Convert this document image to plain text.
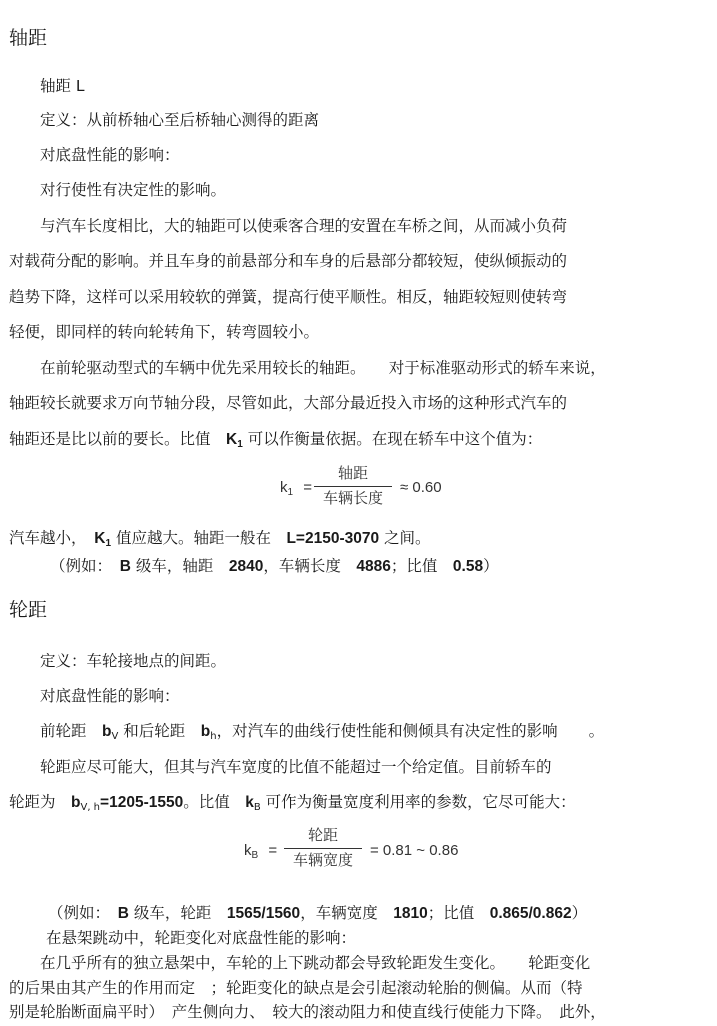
轴距
轴距 L
定义：从前桥轴心至后桥轴心测得的距离
对底盘性能的影响：
对行使性有决定性的影响。
与汽车长度相比，大的轴距可以使乘客合理的安置在车桥之间，从而减小负荷
对载荷分配的影响。并且车身的前悬部分和车身的后悬部分都较短，使纵倾振动的
趋势下降，这样可以采用较软的弹簧，提高行使平顺性。相反，轴距较短则使转弯
轻便，即同样的转向轮转角下，转弯圆较小。
在前轮驱动型式的车辆中优先采用较长的轴距。　　对于标准驱动形式的轿车来说，
轴距较长就要求万向节轴分段，尽管如此，大部分最近投入市场的这种形式汽车的
轴距还是比以前的要长。比值　$K_1$ 可以作衡量依据。在现在轿车中这个值为：
$k_1$ =
轴距
车辆长度
≈ 0.60
汽车越小，　$K_1$ 值应越大。轴距一般在　L=2150-3070 之间。
（例如：　B 级车，轴距　2840，车辆长度　4886；比值　0.58）
轮距
定义：车轮接地点的间距。
对底盘性能的影响：
前轮距　$b_V$ 和后轮距　$b_h$，对汽车的曲线行使性能和侧倾具有决定性的影响　　。
轮距应尽可能大，但其与汽车宽度的比值不能超过一个给定值。目前轿车的
轮距为　$b_{V, h}=1205-1550$。比值　$k_B$ 可作为衡量宽度利用率的参数，它尽可能大：
$k_B$ =
轮距
车辆宽度
= 0.81 ~ 0.86
（例如：　B 级车，轮距　1565/1560，车辆宽度　1810；比值　0.865/0.862）
在悬架跳动中，轮距变化对底盘性能的影响：
在几乎所有的独立悬架中，车轮的上下跳动都会导致轮距发生变化。　　轮距变化
的后果由其产生的作用而定　；轮距变化的缺点是会引起滚动轮胎的侧偏。从而（特
别是轮胎断面扁平时）　产生侧向力、　较大的滚动阻力和使直线行使能力下降。　此外，
